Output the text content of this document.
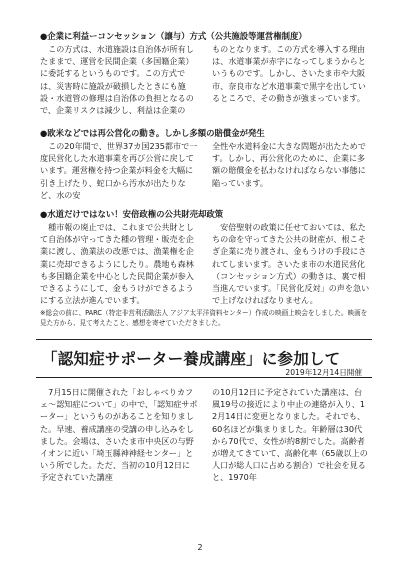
●企業に利益ーコンセッション（譲与）方式（公共施設等運営権制度）

この方式は、水道施設は自治体が所有したままで、運営を民間企業（多国籍企業）に委託するというものです。この方式では、災害時に施設が破損したときにも施設・水道管の修理は自治体の負担となるので、企業リスクは減少し、利益は企業の

ものとなります。この方式を導入する理由は、水道事業が赤字になってしまうからというものです。しかし、さいたま市や大阪市、奈良市など水道事業で黒字を出しているところで、その動きが強まっています。

●欧米などでは再公営化の動き。しかし多額の賠償金が発生

この20年間で、世界37カ国235都市で一度民営化した水道事業を再び公営に戻しています。運営権を持つ企業が料金を大幅に引き上げたり、蛇口から汚水が出たりなど、水の安

全性や水道料金に大きな問題が出たためです。しかし、再公営化のために、企業に多額の賠償金を払わなければならない事態に陥っています。

●水道だけではない！安倍政権の公共財売却政策

種市報の廃止では、これまで公共財として自治体が守ってきた種の管理・販売を企業に渡し、漁業法の改悪では、漁業権を企業に売却できるようにしたり。農地も森林も多国籍企業を中心とした民間企業が参入できるようにして、金もうけができるようにする立法が進んでいます。

安倍聖射の政策に任せておいては、私たちの命を守ってきた公共の財産が、根こそぎ企業に売り渡され、金もうけの手段にされてしまいます。さいたま市の水道民営化（コンセッション方式）の動きは、裏で相当進んでいます。「民営化反対」の声を急いで上げなければなりません。

※総会の前に、PARC（特定非営利活動法人 アジア太平洋資料センター）作成の映画上映会をしました。映画を見た方から、見て考えたこと、感想を寄せていただきました。
「認知症サポーター養成講座」に参加して
2019年12月14日開催

7月15日に開催された「おしゃべりカフェ～認知症について」の中で、「認知症サポーター」というものがあることを知りました。早速、養成講座の受講の申し込みをしました。会場は、さいたま市中央区の与野イオンに近い「埼玉縣神神経センター」という所でした。ただ、当初の10月12日に予定されていた講座

の10月12日に予定されていた講座は、台風19号の接近により中止の連絡が入り、12月14日に変更となりました。それでも、60名ほどが集まりました。年齢層は30代から70代で、女性が約8割でした。高齢者が増えてきていて、高齢化率（65歳以上の人口が総人口に占める割合）で社会を見ると、1970年

2
